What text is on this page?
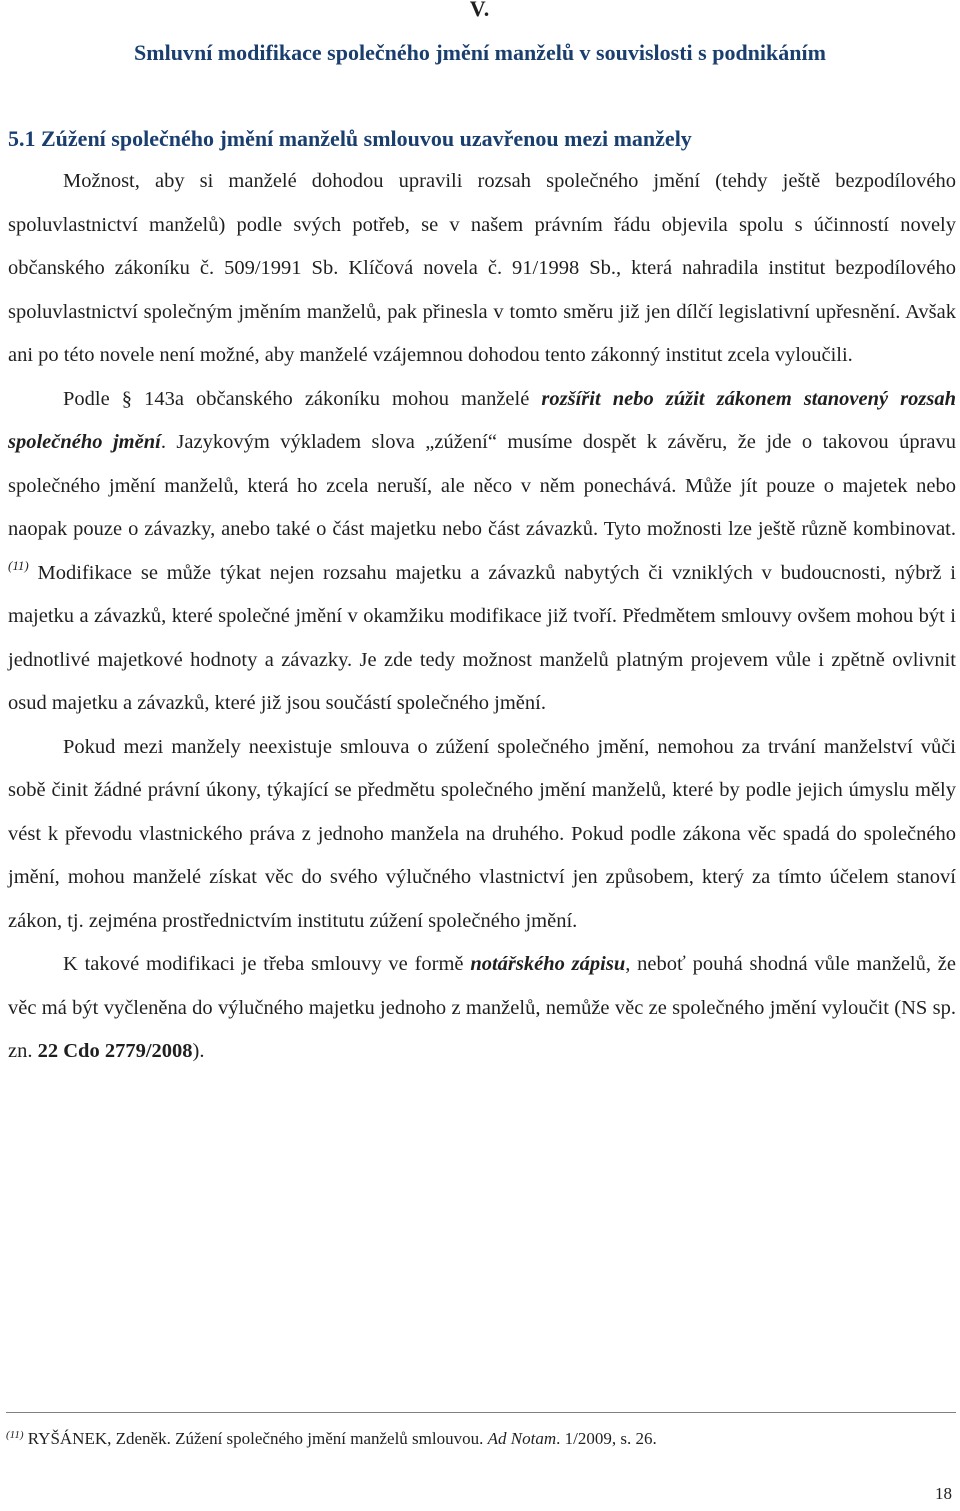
V.
Smluvní modifikace společného jmění manželů v souvislosti s podnikáním
5.1 Zúžení společného jmění manželů smlouvou uzavřenou mezi manžely

Možnost, aby si manželé dohodou upravili rozsah společného jmění (tehdy ještě bezpodílového spoluvlastnictví manželů) podle svých potřeb, se v našem právním řádu objevila spolu s účinností novely občanského zákoníku č. 509/1991 Sb. Klíčová novela č. 91/1998 Sb., která nahradila institut bezpodílového spoluvlastnictví společným jměním manželů, pak přinesla v tomto směru již jen dílčí legislativní upřesnění. Avšak ani po této novele není možné, aby manželé vzájemnou dohodou tento zákonný institut zcela vyloučili.

Podle § 143a občanského zákoníku mohou manželé rozšířit nebo zúžit zákonem stanovený rozsah společného jmění. Jazykovým výkladem slova „zúžení“ musíme dospět k závěru, že jde o takovou úpravu společného jmění manželů, která ho zcela neruší, ale něco v něm ponechává. Může jít pouze o majetek nebo naopak pouze o závazky, anebo také o část majetku nebo část závazků. Tyto možnosti lze ještě různě kombinovat.$^{(11)}$ Modifikace se může týkat nejen rozsahu majetku a závazků nabytých či vzniklých v budoucnosti, nýbrž i majetku a závazků, které společné jmění v okamžiku modifikace již tvoří. Předmětem smlouvy ovšem mohou být i jednotlivé majetkové hodnoty a závazky. Je zde tedy možnost manželů platným projevem vůle i zpětně ovlivnit osud majetku a závazků, které již jsou součástí společného jmění.

Pokud mezi manžely neexistuje smlouva o zúžení společného jmění, nemohou za trvání manželství vůči sobě činit žádné právní úkony, týkající se předmětu společného jmění manželů, které by podle jejich úmyslu měly vést k převodu vlastnického práva z jednoho manžela na druhého. Pokud podle zákona věc spadá do společného jmění, mohou manželé získat věc do svého výlučného vlastnictví jen způsobem, který za tímto účelem stanoví zákon, tj. zejména prostřednictvím institutu zúžení společného jmění.

K takové modifikaci je třeba smlouvy ve formě notářského zápisu, neboť pouhá shodná vůle manželů, že věc má být vyčleněna do výlučného majetku jednoho z manželů, nemůže věc ze společného jmění vyloučit (NS sp. zn. 22 Cdo 2779/2008).

$^{(11)}$ RYŠÁNEK, Zdeněk. Zúžení společného jmění manželů smlouvou. Ad Notam. 1/2009, s. 26.
18
